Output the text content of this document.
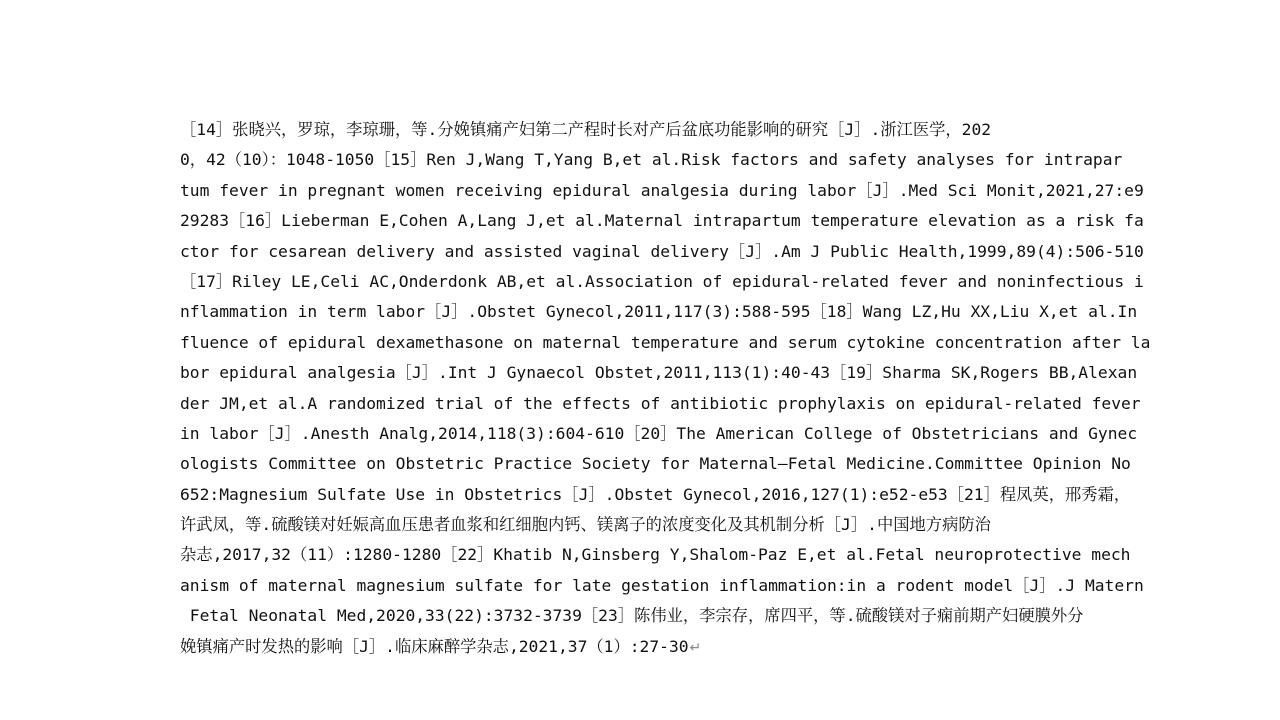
［14］张晓兴，罗琼，李琼珊，等.分娩镇痛产妇第二产程时长对产后盆底功能影响的研究［J］.浙江医学，202
0，42（10）：1048-1050［15］Ren J,Wang T,Yang B,et al.Risk factors and safety analyses for intrapar
tum fever in pregnant women receiving epidural analgesia during labor［J］.Med Sci Monit,2021,27:e9
29283［16］Lieberman E,Cohen A,Lang J,et al.Maternal intrapartum temperature elevation as a risk fa
ctor for cesarean delivery and assisted vaginal delivery［J］.Am J Public Health,1999,89(4):506-510
［17］Riley LE,Celi AC,Onderdonk AB,et al.Association of epidural-related fever and noninfectious i
nflammation in term labor［J］.Obstet Gynecol,2011,117(3):588-595［18］Wang LZ,Hu XX,Liu X,et al.In
fluence of epidural dexamethasone on maternal temperature and serum cytokine concentration after la
bor epidural analgesia［J］.Int J Gynaecol Obstet,2011,113(1):40-43［19］Sharma SK,Rogers BB,Alexan
der JM,et al.A randomized trial of the effects of antibiotic prophylaxis on epidural-related fever
in labor［J］.Anesth Analg,2014,118(3):604-610［20］The American College of Obstetricians and Gynec
ologists Committee on Obstetric Practice Society for Maternal–Fetal Medicine.Committee Opinion No
652:Magnesium Sulfate Use in Obstetrics［J］.Obstet Gynecol,2016,127(1):e52-e53［21］程凤英，邢秀霜，
许武凤，等.硫酸镁对妊娠高血压患者血浆和红细胞内钙、镁离子的浓度变化及其机制分析［J］.中国地方病防治
杂志,2017,32（11）:1280-1280［22］Khatib N,Ginsberg Y,Shalom-Paz E,et al.Fetal neuroprotective mech
anism of maternal magnesium sulfate for late gestation inflammation:in a rodent model［J］.J Matern
Fetal Neonatal Med,2020,33(22):3732-3739［23］陈伟业，李宗存，席四平，等.硫酸镁对子痫前期产妇硬膜外分
娩镇痛产时发热的影响［J］.临床麻醉学杂志,2021,37（1）:27-30↵
